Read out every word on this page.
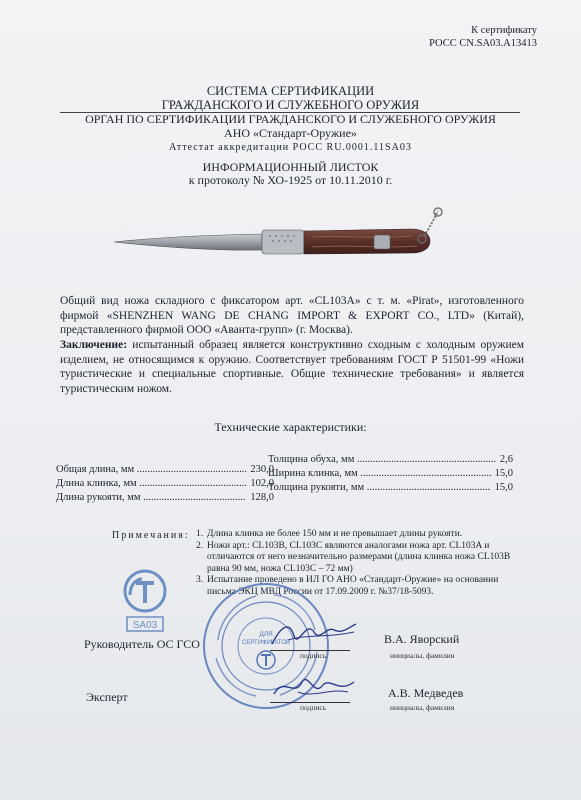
К сертификату
РОСС CN.SA03.A13413
СИСТЕМА СЕРТИФИКАЦИИ
ГРАЖДАНСКОГО И СЛУЖЕБНОГО ОРУЖИЯ
ОРГАН ПО СЕРТИФИКАЦИИ ГРАЖДАНСКОГО И СЛУЖЕБНОГО ОРУЖИЯ
АНО «Стандарт-Оружие»
Аттестат аккредитации РОСС RU.0001.11SA03
ИНФОРМАЦИОННЫЙ ЛИСТОК
к протоколу № ХО-1925 от 10.11.2010 г.
Общий вид ножа складного с фиксатором арт. «CL103A» с т. м. «Pirat», изготовленного фирмой «SHENZHEN WANG DE CHANG IMPORT & EXPORT CO., LTD» (Китай), представленного фирмой ООО «Аванта-групп» (г. Москва).
Заключение: испытанный образец является конструктивно сходным с холодным оружием изделием, не относящимся к оружию. Соответствует требованиям ГОСТ Р 51501-99 «Ножи туристические и специальные спортивные. Общие технические требования» и является туристическим ножом.
Технические характеристики:
Общая длина, мм .....	230,0
Длина клинка, мм .....	102,0
Длина рукояти, мм .....	128,0
Толщина обуха, мм .....	2,6
Ширина клинка, мм .....	15,0
Толщина рукояти, мм .....	15,0
Примечания: 1. Длина клинка не более 150 мм и не превышает длины рукояти.
2. Ножи арт.: CL103B, CL103C являются аналогами ножа арт. CL103A и отличаются от него незначительно размерами (длина клинка ножа CL103B равна 90 мм, ножа CL103C – 72 мм)
3. Испытание проведено в ИЛ ГО АНО «Стандарт-Оружие» на основании письма ЭКЦ МВД России от 17.09.2009 г. №37/18-5093.
SA03
ДЛЯ
СЕРТИФИКАТОВ
Руководитель ОС ГСО
Эксперт
подпись	инициалы, фамилия
подпись	инициалы, фамилия
В.А. Яворский
А.В. Медведев
